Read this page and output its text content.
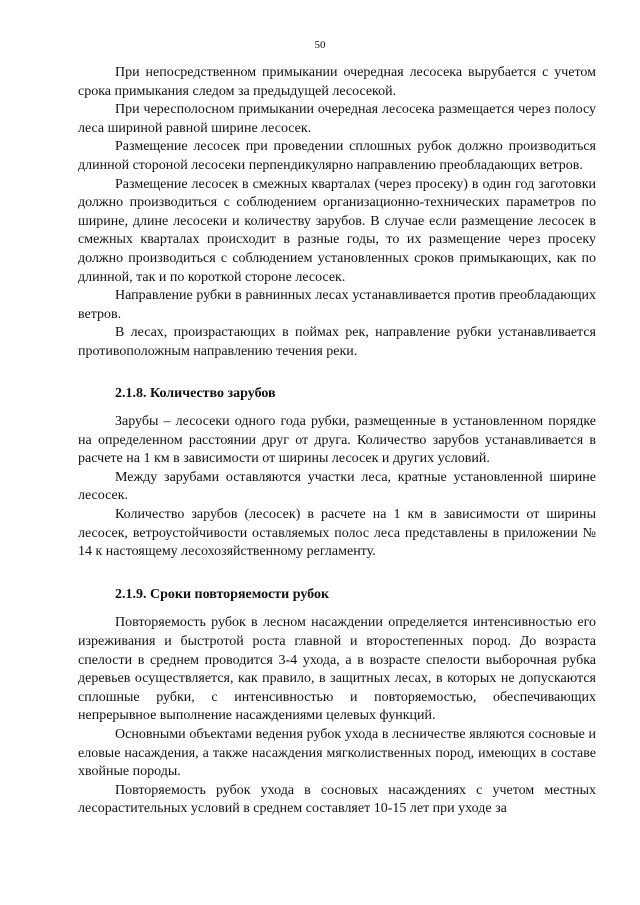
50

При непосредственном примыкании очередная лесосека вырубается с учетом срока примыкания следом за предыдущей лесосекой.

При чересполосном примыкании очередная лесосека размещается через полосу леса шириной равной ширине лесосек.

Размещение лесосек при проведении сплошных рубок должно производиться длинной стороной лесосеки перпендикулярно направлению преобладающих ветров.

Размещение лесосек в смежных кварталах (через просеку) в один год заготовки должно производиться с соблюдением организационно-технических параметров по ширине, длине лесосеки и количеству зарубов. В случае если размещение лесосек в смежных кварталах происходит в разные годы, то их размещение через просеку должно производиться с соблюдением установленных сроков примыкающих, как по длинной, так и по короткой стороне лесосек.

Направление рубки в равнинных лесах устанавливается против преобладающих ветров.

В лесах, произрастающих в поймах рек, направление рубки устанавливается противоположным направлению течения реки.

2.1.8. Количество зарубов

Зарубы – лесосеки одного года рубки, размещенные в установленном порядке на определенном расстоянии друг от друга. Количество зарубов устанавливается в расчете на 1 км в зависимости от ширины лесосек и других условий.

Между зарубами оставляются участки леса, кратные установленной ширине лесосек.

Количество зарубов (лесосек) в расчете на 1 км в зависимости от ширины лесосек, ветроустойчивости оставляемых полос леса представлены в приложении № 14 к настоящему лесохозяйственному регламенту.

2.1.9. Сроки повторяемости рубок

Повторяемость рубок в лесном насаждении определяется интенсивностью его изреживания и быстротой роста главной и второстепенных пород. До возраста спелости в среднем проводится 3-4 ухода, а в возрасте спелости выборочная рубка деревьев осуществляется, как правило, в защитных лесах, в которых не допускаются сплошные рубки, с интенсивностью и повторяемостью, обеспечивающих непрерывное выполнение насаждениями целевых функций.

Основными объектами ведения рубок ухода в лесничестве являются сосновые и еловые насаждения, а также насаждения мягколиственных пород, имеющих в составе хвойные породы.

Повторяемость рубок ухода в сосновых насаждениях с учетом местных лесорастительных условий в среднем составляет 10-15 лет при уходе за
